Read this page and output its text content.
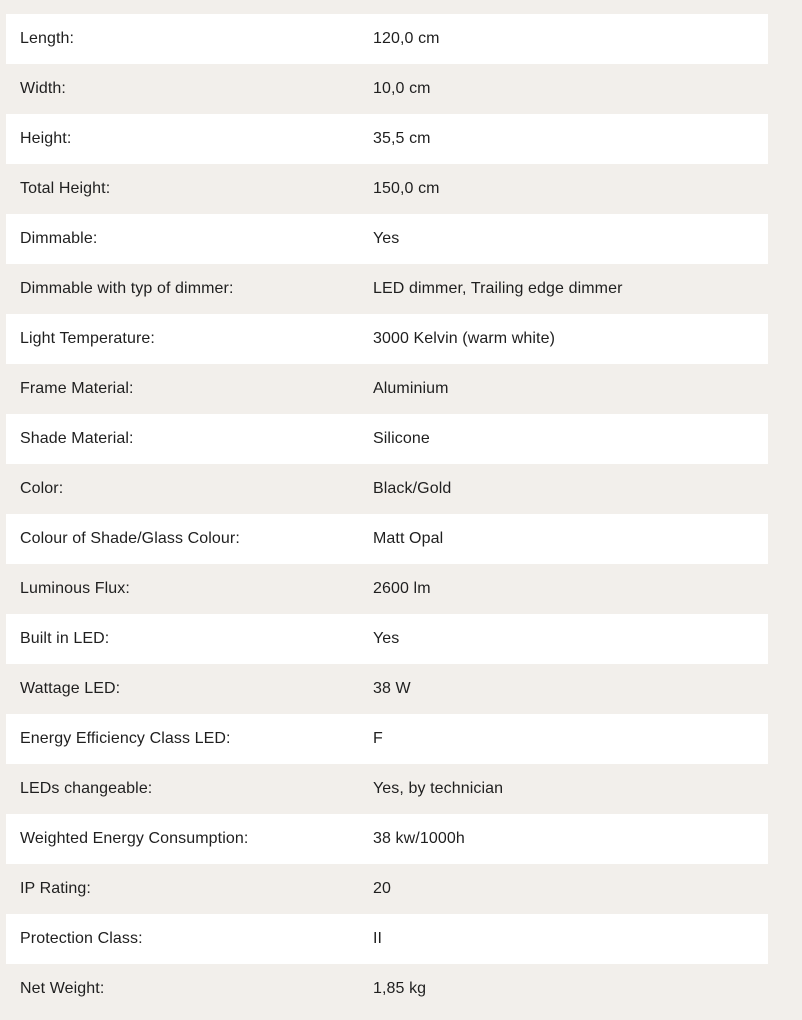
Length:	120,0 cm
Width:	10,0 cm
Height:	35,5 cm
Total Height:	150,0 cm
Dimmable:	Yes
Dimmable with typ of dimmer:	LED dimmer, Trailing edge dimmer
Light Temperature:	3000 Kelvin (warm white)
Frame Material:	Aluminium
Shade Material:	Silicone
Color:	Black/Gold
Colour of Shade/Glass Colour:	Matt Opal
Luminous Flux:	2600 lm
Built in LED:	Yes
Wattage LED:	38 W
Energy Efficiency Class LED:	F
LEDs changeable:	Yes, by technician
Weighted Energy Consumption:	38 kw/1000h
IP Rating:	20
Protection Class:	II
Net Weight:	1,85 kg
